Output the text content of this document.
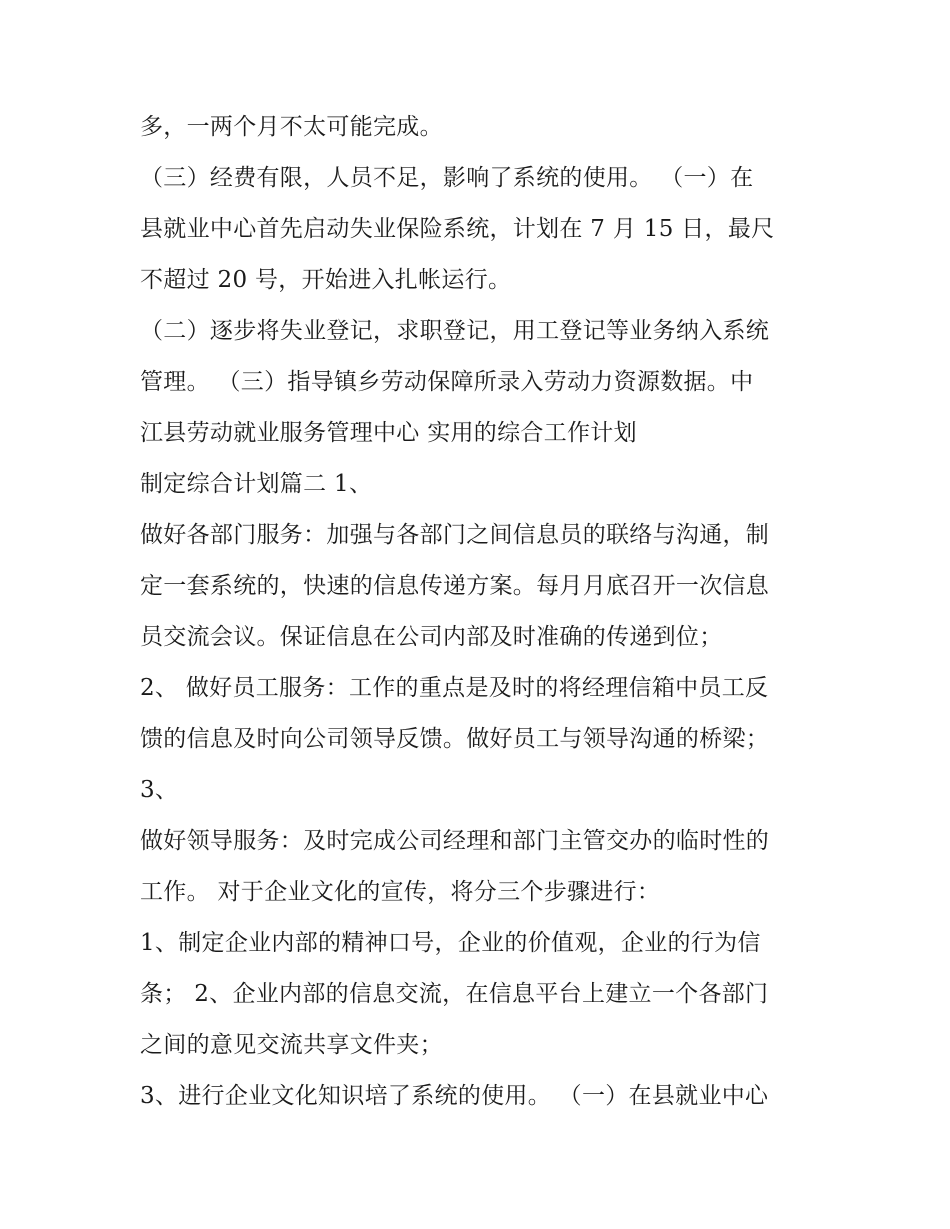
多，一两个月不太可能完成。
（三）经费有限，人员不足，影响了系统的使用。 （一）在
县就业中心首先启动失业保险系统，计划在 7 月 15 日，最尺
不超过 20 号，开始进入扎帐运行。
（二）逐步将失业登记，求职登记，用工登记等业务纳入系统
管理。 （三）指导镇乡劳动保障所录入劳动力资源数据。中
江县劳动就业服务管理中心 实用的综合工作计划
制定综合计划篇二 1、
做好各部门服务：加强与各部门之间信息员的联络与沟通，制
定一套系统的，快速的信息传递方案。每月月底召开一次信息
员交流会议。保证信息在公司内部及时准确的传递到位；
2、 做好员工服务：工作的重点是及时的将经理信箱中员工反
馈的信息及时向公司领导反馈。做好员工与领导沟通的桥梁；
3、
做好领导服务：及时完成公司经理和部门主管交办的临时性的
工作。 对于企业文化的宣传，将分三个步骤进行：
1、制定企业内部的精神口号，企业的价值观，企业的行为信
条； 2、企业内部的信息交流，在信息平台上建立一个各部门
之间的意见交流共享文件夹；
3、进行企业文化知识培了系统的使用。 （一）在县就业中心
